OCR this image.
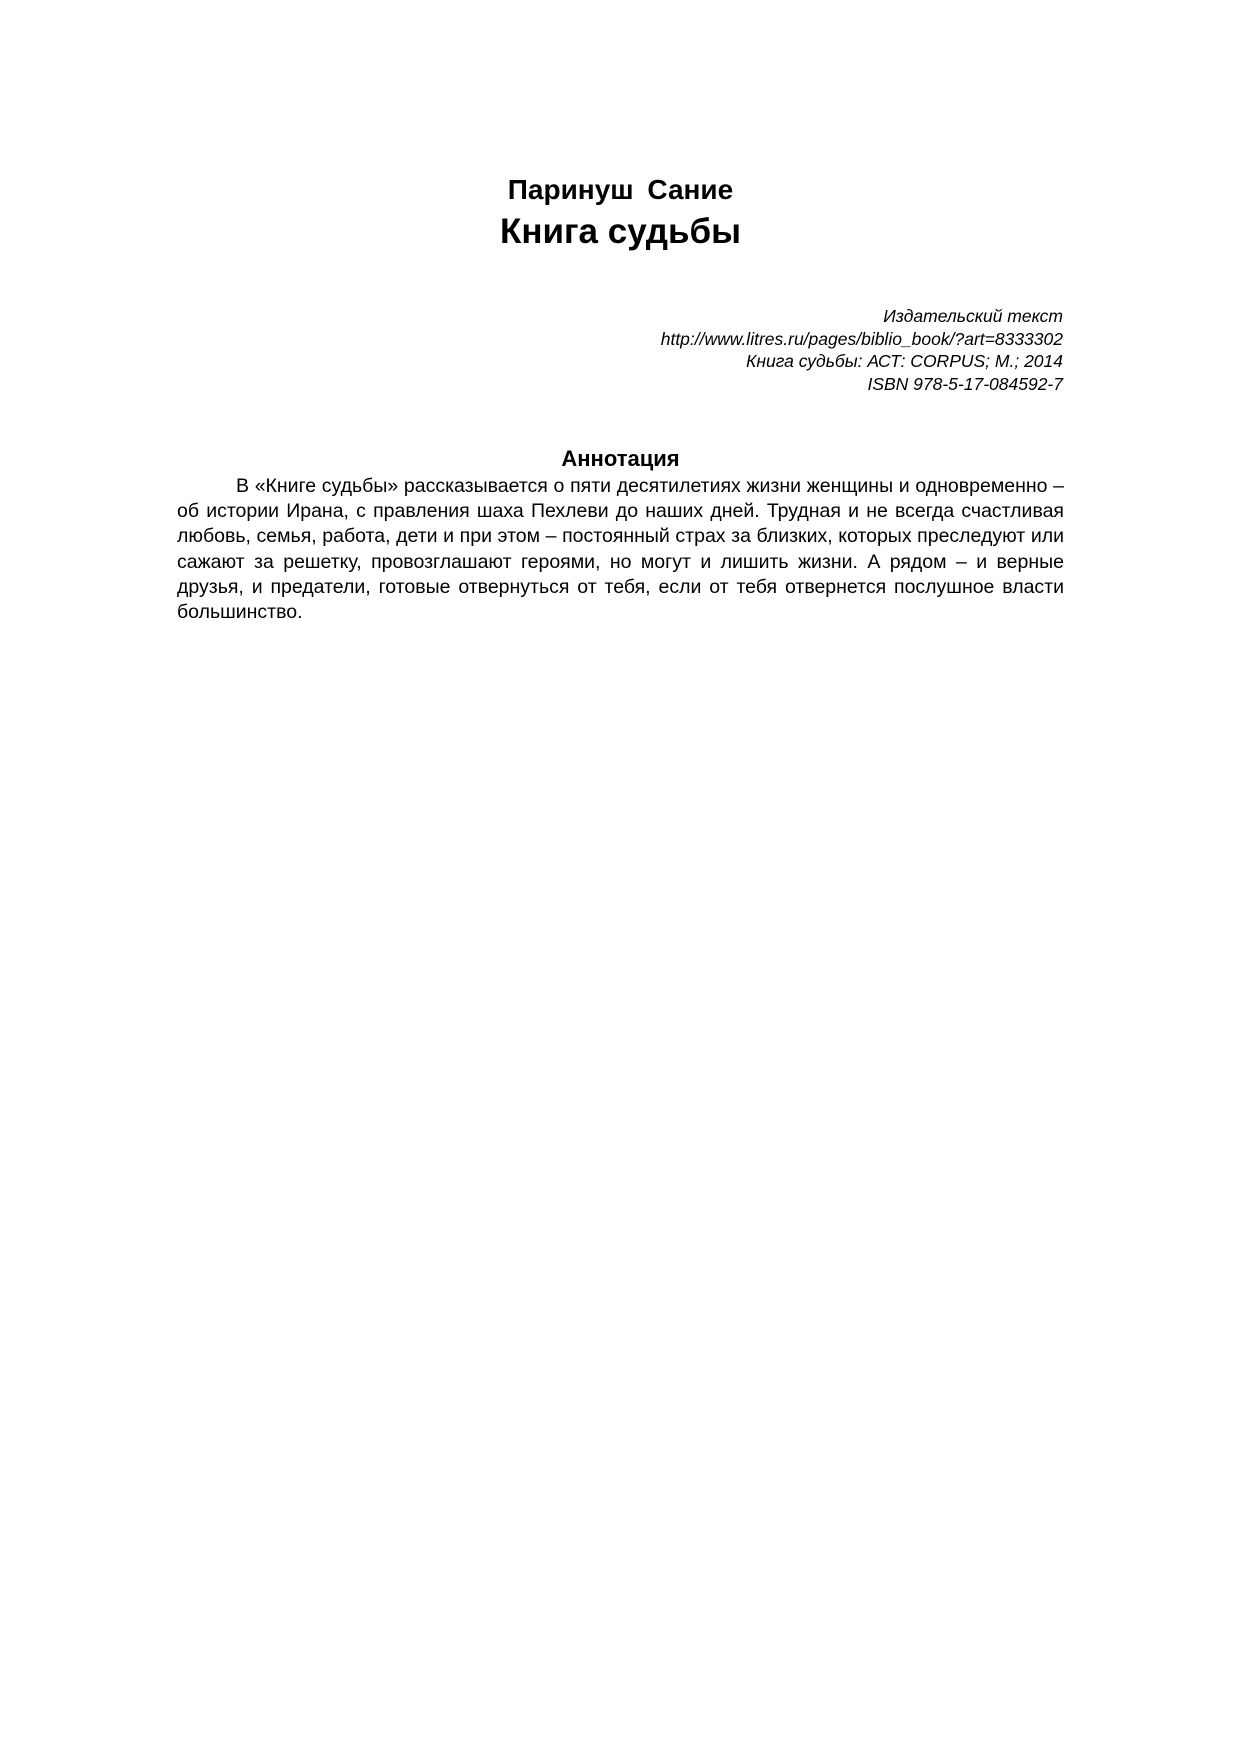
Паринуш Сание
Книга судьбы
Издательский текст
http://www.litres.ru/pages/biblio_book/?art=8333302
Книга судьбы: АСТ: CORPUS; М.; 2014
ISBN 978-5-17-084592-7
Аннотация

В «Книге судьбы» рассказывается о пяти десятилетиях жизни женщины и одновременно – об истории Ирана, с правления шаха Пехлеви до наших дней. Трудная и не всегда счастливая любовь, семья, работа, дети и при этом – постоянный страх за близких, которых преследуют или сажают за решетку, провозглашают героями, но могут и лишить жизни. А рядом – и верные друзья, и предатели, готовые отвернуться от тебя, если от тебя отвернется послушное власти большинство.
